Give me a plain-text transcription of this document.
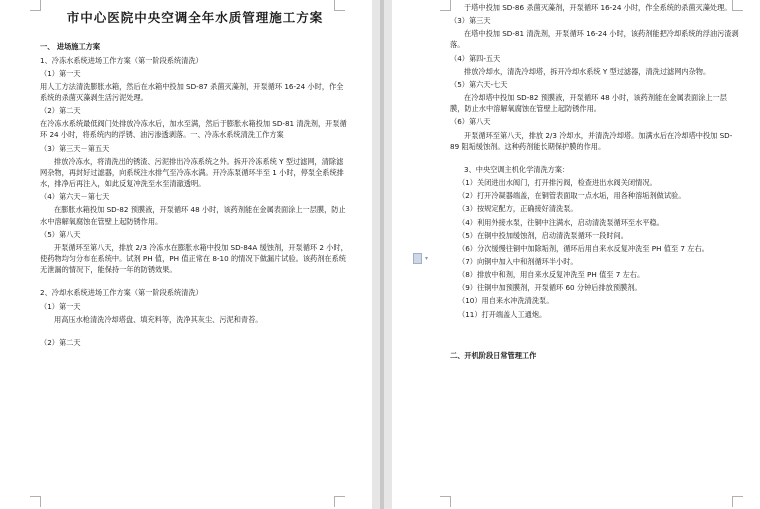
市中心医院中央空调全年水质管理施工方案
一、 进场施工方案
1、冷冻水系统进场工作方案（第一阶段系统清洗）
（1）第一天
用人工方法清洗膨胀水箱，然后在水箱中投加 SD-87 杀菌灭藻剂，开泵循环 16-24 小时，作全系统的杀菌灭藻剥生活污泥处理。
（2）第二天
在冷冻水系统最低阀门处排放冷冻水后，加水至满，然后于膨胀水箱投加 SD-81 清洗剂，开泵循环 24 小时，将系统内的浮锈、油污渗透剥落。一、冷冻水系统清洗工作方案
（3）第三天－第五天
排放冷冻水，将清洗出的锈渣、污泥排出冷冻系统之外。拆开冷冻系统 Y 型过滤网，清除滤网杂物，再封好过滤器，向系统注水排气至冷冻水满。开冷冻泵循环半至 1 小时，停泵全系统排水，排净后再注入，如此反复冲洗至水至清澈透明。
（4）第六天－第七天
在膨胀水箱投加 SD-82 预膜液，开泵循环 48 小时，该药剂能在金属表面涂上一层膜，防止水中溶解氧腐蚀在管壁上起防锈作用。
（5）第八天
开泵循环至第八天，排放 2/3 冷冻水在膨胀水箱中投加 SD-84A 缓蚀剂，开泵循环 2 小时，使药物均匀分布在系统中。试剂 PH 值，PH 值正常在 8-10 的情况下做漏片试验。该药剂在系统无泄漏的情况下，能保持一年的防锈效果。
2、冷却水系统进场工作方案（第一阶段系统清洗）
（1）第一天
用高压水枪清洗冷却塔盘、填充料等，洗净其灰尘、污泥和青苔。
（2）第二天
于塔中投加 SD-86 杀菌灭藻剂，开泵循环 16-24 小时，作全系统的杀菌灭藻处理。
（3）第三天
在塔中投加 SD-81 清洗剂，开泵循环 16-24 小时，该药剂能把冷却系统的浮油污渣剥落。
（4）第四-五天
排放冷却水，清洗冷却塔，拆开冷却水系统 Y 型过滤器，清洗过滤网内杂物。
（5）第六天-七天
在冷却塔中投加 SD-82 预膜液，开泵循环 48 小时，该药剂能在金属表面涂上一层膜，防止水中溶解氧腐蚀在管壁上起防锈作用。
（6）第八天
开泵循环至第八天，排放 2/3 冷却水，并清洗冷却塔。加满水后在冷却塔中投加 SD-89 阻垢缓蚀剂。这种药剂能长期保护膜的作用。
3、中央空调主机化学清洗方案：
（1）关闭进出水阀门，打开排污阀，检查进出水阀关闭情况。
（2）打开冷凝器端盖，在铜管表面取一点水垢，用各种溶垢剂做试验。
（3）按规定配方，正确接好清洗泵。
（4）利用外接水泵，往铜中注满水，启动清洗泵循环至水平稳。
（5）在铜中投加缓蚀剂，启动清洗泵循环一段时间。
（6）分次缓慢往铜中加除垢剂，循环后用自来水反复冲洗至 PH 值至 7 左右。
（7）向铜中加入中和剂循环半小时。
（8）排放中和剂，用自来水反复冲洗至 PH 值至 7 左右。
（9）往铜中加预膜剂，开泵循环 60 分钟后排放预膜剂。
（10）用自来水冲洗清洗泵。
（11）打开端盖人工通炮。
二、开机阶段日常管理工作
▾
